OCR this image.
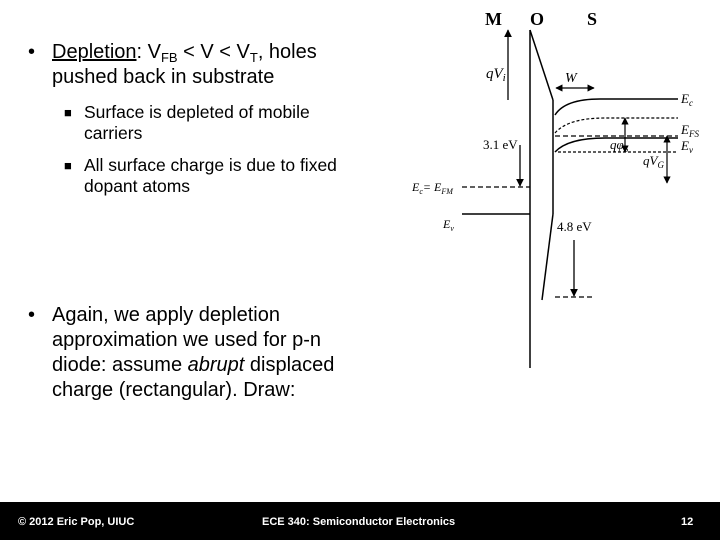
• Depletion: $V_{FB} < V < V_T$, holes
pushed back in substrate
■ Surface is depleted of mobile
carriers
■ All surface charge is due to fixed
dopant atoms
• Again, we apply depletion
approximation we used for p-n
diode: assume abrupt displaced
charge (rectangular). Draw:
M O S
$qV_i$	W
$E_c$
$E_{FS}$
$E_v$
$q\varphi_S$
$qV_G$
3.1 eV
$E_c= E_{FM}$
$E_v$	4.8 eV
© 2012 Eric Pop, UIUC	ECE 340: Semiconductor Electronics	12
